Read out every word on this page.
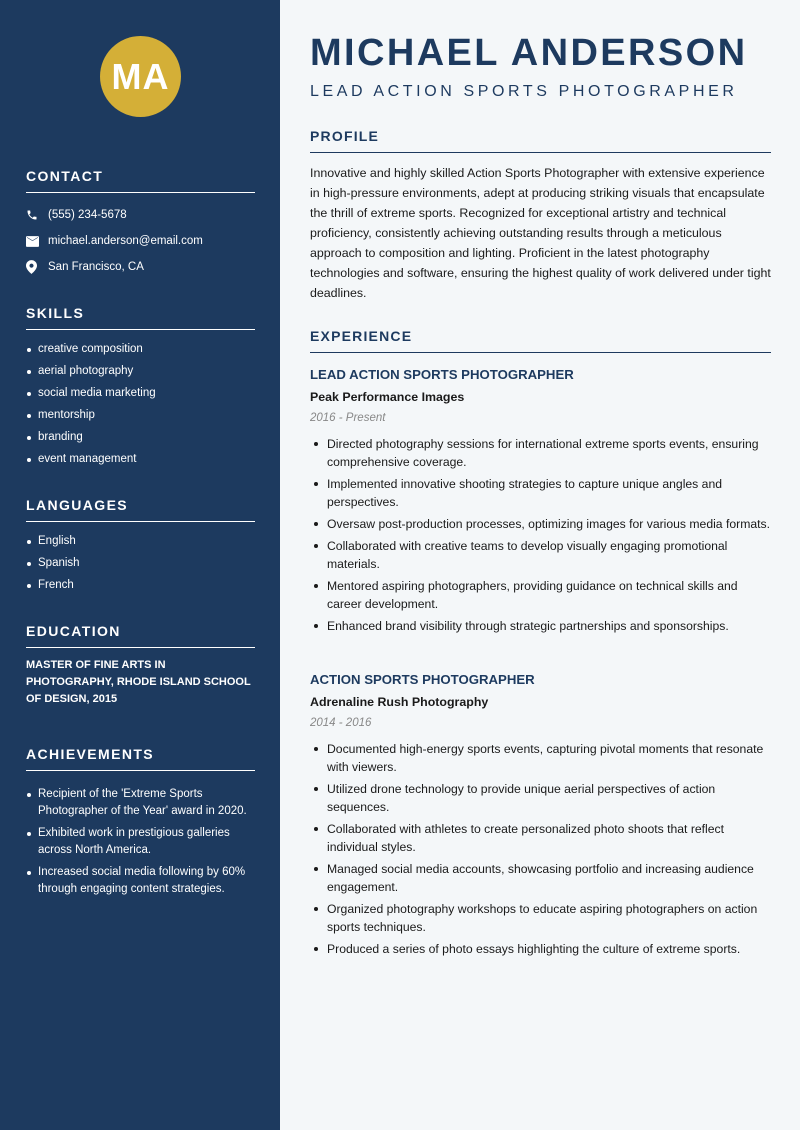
MA
CONTACT
(555) 234-5678
michael.anderson@email.com
San Francisco, CA
SKILLS
creative composition
aerial photography
social media marketing
mentorship
branding
event management
LANGUAGES
English
Spanish
French
EDUCATION

MASTER OF FINE ARTS IN PHOTOGRAPHY, RHODE ISLAND SCHOOL OF DESIGN, 2015

ACHIEVEMENTS
Recipient of the 'Extreme Sports Photographer of the Year' award in 2020.
Exhibited work in prestigious galleries across North America.
Increased social media following by 60% through engaging content strategies.
MICHAEL ANDERSON
LEAD ACTION SPORTS PHOTOGRAPHER
PROFILE

Innovative and highly skilled Action Sports Photographer with extensive experience in high-pressure environments, adept at producing striking visuals that encapsulate the thrill of extreme sports. Recognized for exceptional artistry and technical proficiency, consistently achieving outstanding results through a meticulous approach to composition and lighting. Proficient in the latest photography technologies and software, ensuring the highest quality of work delivered under tight deadlines.

EXPERIENCE
LEAD ACTION SPORTS PHOTOGRAPHER
Peak Performance Images
2016 - Present
Directed photography sessions for international extreme sports events, ensuring comprehensive coverage.
Implemented innovative shooting strategies to capture unique angles and perspectives.
Oversaw post-production processes, optimizing images for various media formats.
Collaborated with creative teams to develop visually engaging promotional materials.
Mentored aspiring photographers, providing guidance on technical skills and career development.
Enhanced brand visibility through strategic partnerships and sponsorships.
ACTION SPORTS PHOTOGRAPHER
Adrenaline Rush Photography
2014 - 2016
Documented high-energy sports events, capturing pivotal moments that resonate with viewers.
Utilized drone technology to provide unique aerial perspectives of action sequences.
Collaborated with athletes to create personalized photo shoots that reflect individual styles.
Managed social media accounts, showcasing portfolio and increasing audience engagement.
Organized photography workshops to educate aspiring photographers on action sports techniques.
Produced a series of photo essays highlighting the culture of extreme sports.
